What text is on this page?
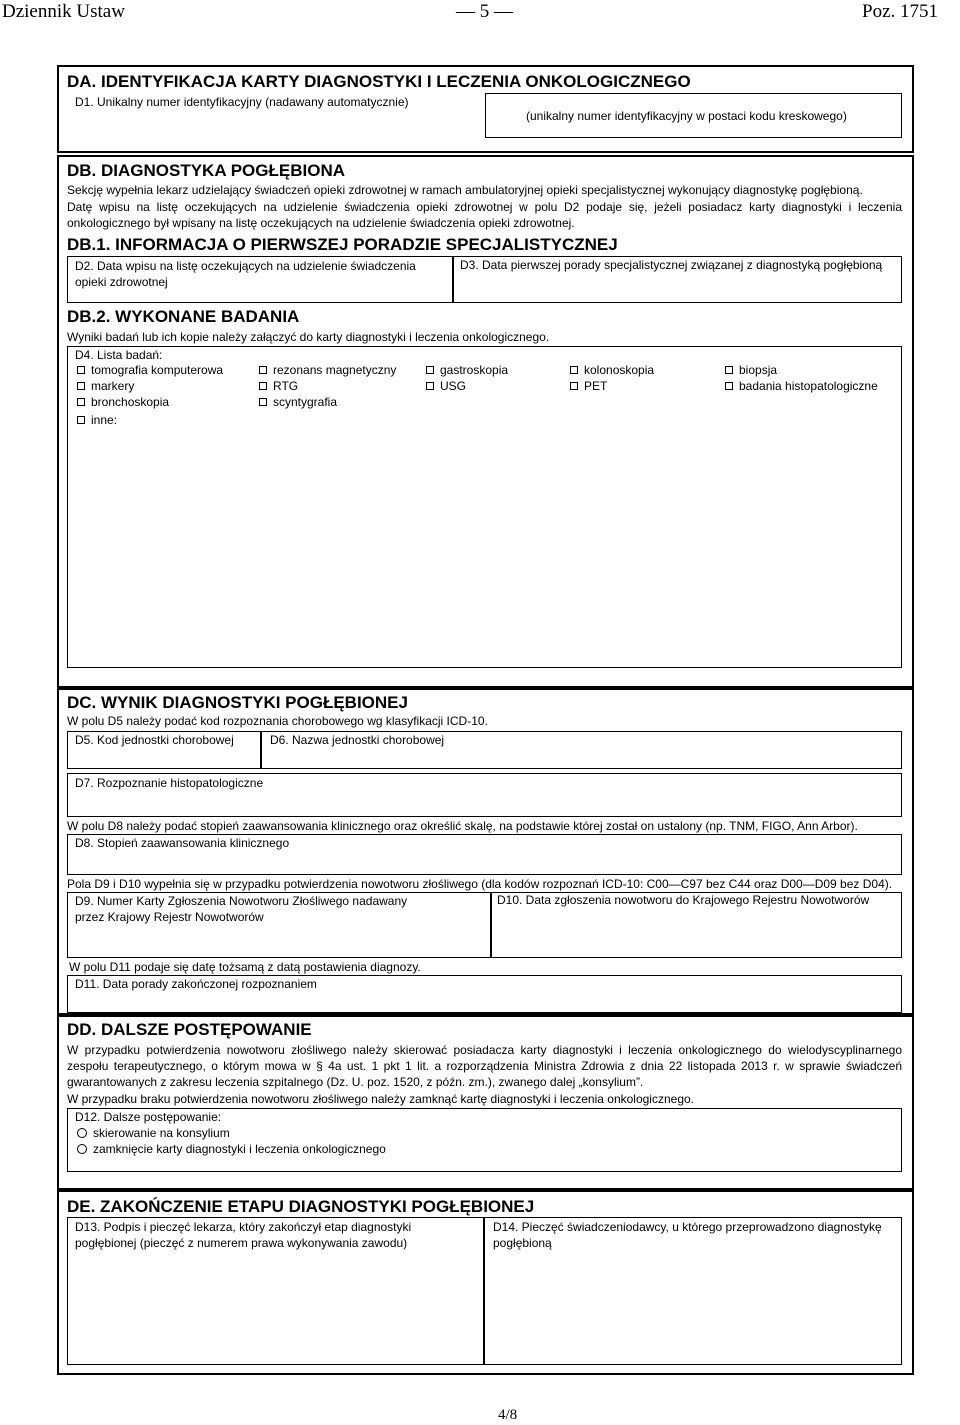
Dziennik Ustaw	— 5 —	Poz. 1751
DA. IDENTYFIKACJA KARTY DIAGNOSTYKI I LECZENIA ONKOLOGICZNEGO
D1. Unikalny numer identyfikacyjny (nadawany automatycznie)
(unikalny numer identyfikacyjny w postaci kodu kreskowego)
DB. DIAGNOSTYKA POGŁĘBIONA
Sekcję wypełnia lekarz udzielający świadczeń opieki zdrowotnej w ramach ambulatoryjnej opieki specjalistycznej wykonujący diagnostykę pogłębioną.
Datę wpisu na listę oczekujących na udzielenie świadczenia opieki zdrowotnej w polu D2 podaje się, jeżeli posiadacz karty diagnostyki i leczenia onkologicznego był wpisany na listę oczekujących na udzielenie świadczenia opieki zdrowotnej.
DB.1. INFORMACJA O PIERWSZEJ PORADZIE SPECJALISTYCZNEJ
D2. Data wpisu na listę oczekujących na udzielenie świadczenia opieki zdrowotnej
D3. Data pierwszej porady specjalistycznej związanej z diagnostyką pogłębioną
DB.2. WYKONANE BADANIA
Wyniki badań lub ich kopie należy załączyć do karty diagnostyki i leczenia onkologicznego.
D4. Lista badań:
tomografia komputerowa	rezonans magnetyczny	gastroskopia	kolonoskopia	biopsja
markery	RTG	USG	PET	badania histopatologiczne
bronchoskopia	scyntygrafia
inne:
DC. WYNIK DIAGNOSTYKI POGŁĘBIONEJ
W polu D5 należy podać kod rozpoznania chorobowego wg klasyfikacji ICD-10.
D5. Kod jednostki chorobowej	D6. Nazwa jednostki chorobowej
D7. Rozpoznanie histopatologiczne
W polu D8 należy podać stopień zaawansowania klinicznego oraz określić skalę, na podstawie której został on ustalony (np. TNM, FIGO, Ann Arbor).
D8. Stopień zaawansowania klinicznego
Pola D9 i D10 wypełnia się w przypadku potwierdzenia nowotworu złośliwego (dla kodów rozpoznań ICD-10: C00―C97 bez C44 oraz D00―D09 bez D04).
D9. Numer Karty Zgłoszenia Nowotworu Złośliwego nadawany przez Krajowy Rejestr Nowotworów
D10. Data zgłoszenia nowotworu do Krajowego Rejestru Nowotworów
W polu D11 podaje się datę tożsamą z datą postawienia diagnozy.
D11. Data porady zakończonej rozpoznaniem
DD. DALSZE POSTĘPOWANIE
W przypadku potwierdzenia nowotworu złośliwego należy skierować posiadacza karty diagnostyki i leczenia onkologicznego do wielodyscyplinarnego zespołu terapeutycznego, o którym mowa w § 4a ust. 1 pkt 1 lit. a rozporządzenia Ministra Zdrowia z dnia 22 listopada 2013 r. w sprawie świadczeń gwarantowanych z zakresu leczenia szpitalnego (Dz. U. poz. 1520, z późn. zm.), zwanego dalej „konsylium”.
W przypadku braku potwierdzenia nowotworu złośliwego należy zamknąć kartę diagnostyki i leczenia onkologicznego.
D12. Dalsze postępowanie:
skierowanie na konsylium
zamknięcie karty diagnostyki i leczenia onkologicznego
DE. ZAKOŃCZENIE ETAPU DIAGNOSTYKI POGŁĘBIONEJ
D13. Podpis i pieczęć lekarza, który zakończył etap diagnostyki pogłębionej (pieczęć z numerem prawa wykonywania zawodu)
D14. Pieczęć świadczeniodawcy, u którego przeprowadzono diagnostykę pogłębioną
4/8
